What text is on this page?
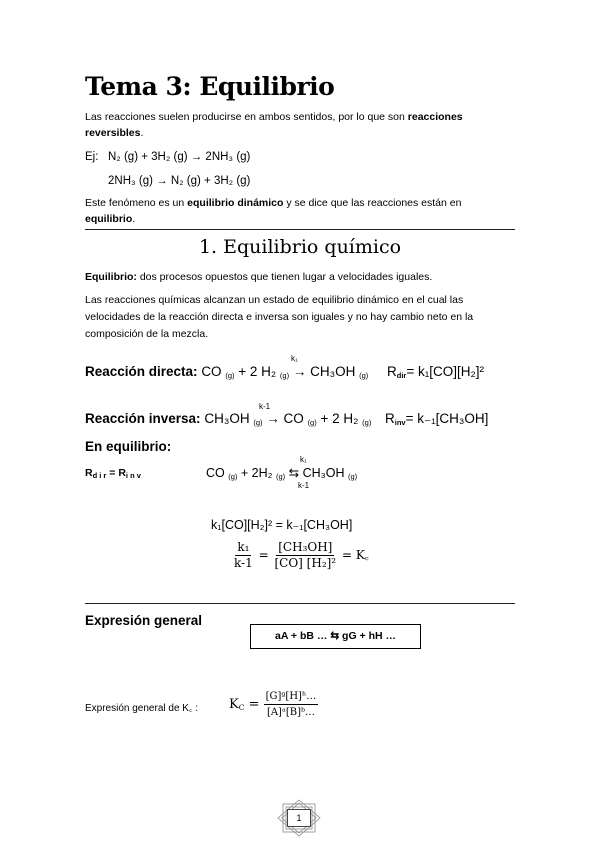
Tema 3: Equilibrio
Las reacciones suelen producirse en ambos sentidos, por lo que son reacciones
reversibles.
Ej: N₂ (g) + 3H₂ (g) → 2NH₃ (g)
2NH₃ (g) → N₂ (g) + 3H₂ (g)
Este fenómeno es un equilibrio dinámico y se dice que las reacciones están en
equilibrio.
1. Equilibrio químico
Equilibrio: dos procesos opuestos que tienen lugar a velocidades iguales.
Las reacciones químicas alcanzan un estado de equilibrio dinámico en el cual las
velocidades de la reacción directa e inversa son iguales y no hay cambio neto en la
composición de la mezcla.
k₁
Reacción directa: CO $_{(g)}$ + 2 H₂ $_{(g)}$ → CH₃OH $_{(g)}$ $R_{dir}= k_1[CO][H_2]^2$
k-1
Reacción inversa: CH₃OH $_{(g)}$ → CO $_{(g)}$ + 2 H₂ $_{(g)}$ $R_{inv}= k_{-1}[CH_3OH]$
En equilibrio:
$R_{d i r} = R_{i n v}$
k₁
k-1
CO $_{(g)}$ + 2H₂ $_{(g)}$ ⇆ CH₃OH $_{(g)}$
k₁[CO][H₂]² = k₋₁[CH₃OH]
$\frac{\text{k₁}}{k-1} = \frac{\text{[CH₃OH]}}{\text{[CO] [H₂]²}}$ = K꜀
Expresión general
aA + bB … ⇆ gG + hH …
Expresión general de K꜀ : $K_C = \frac{\text{[G]ᵍ[H]ʰ…}}{\text{[A]ᵃ[B]ᵇ…}}$
1
